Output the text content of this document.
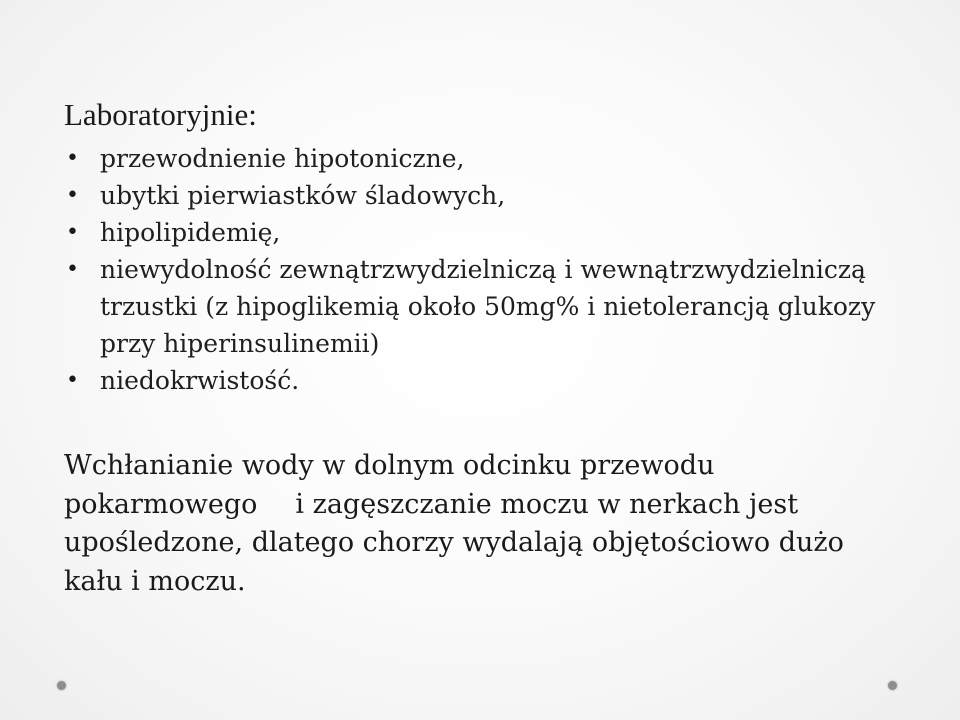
Laboratoryjnie:
• przewodnienie hipotoniczne,
• ubytki pierwiastków śladowych,
• hipolipidemię,
• niewydolność zewnątrzwydzielniczą i wewnątrzwydzielniczą trzustki (z hipoglikemią około 50mg% i nietolerancją glukozy przy hiperinsulinemii)
• niedokrwistość.
Wchłanianie wody w dolnym odcinku przewodu pokarmowego i zagęszczanie moczu w nerkach jest upośledzone, dlatego chorzy wydalają objętościowo dużo kału i moczu.
